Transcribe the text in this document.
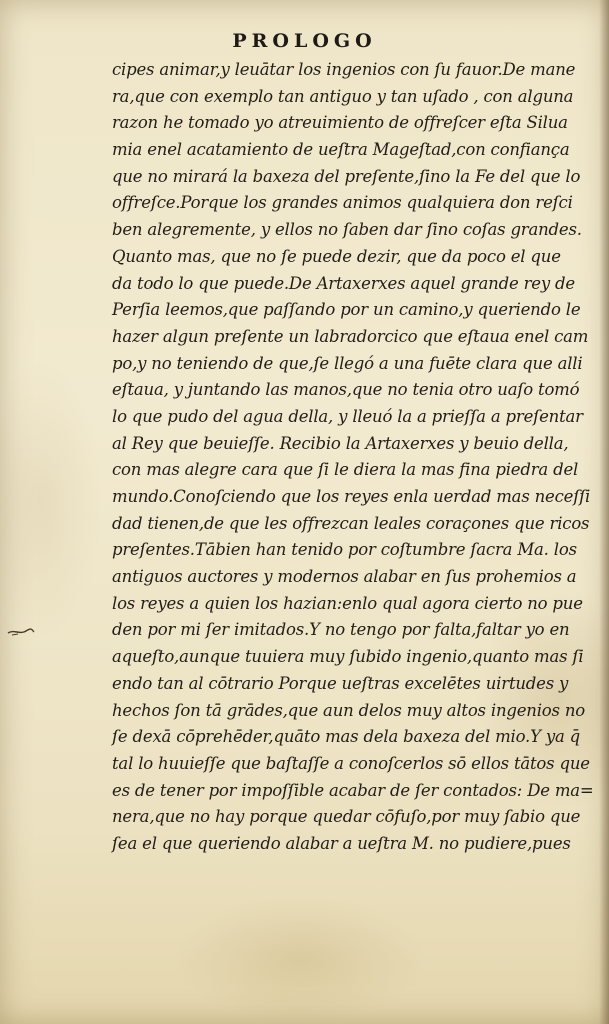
PROLOGO
cipes animar,y leuātar los ingenios con ſu fauor.De mane
ra,que con exemplo tan antiguo y tan uſado , con alguna
razon he tomado yo atreuimiento de offreſcer eſta Silua
mia enel acatamiento de ueſtra Mageſtad,con confiança
que no mirará la baxeza del preſente,ſino la Fe del que lo
offreſce.Porque los grandes animos qualquiera don reſci
ben alegremente, y ellos no ſaben dar ſino coſas grandes.
Quanto mas, que no ſe puede dezir, que da poco el que
da todo lo que puede.De Artaxerxes aquel grande rey de
Perſia leemos,que paſſando por un camino,y queriendo le
hazer algun preſente un labradorcico que eſtaua enel cam
po,y no teniendo de que,ſe llegó a una fuēte clara que alli
eſtaua, y juntando las manos,que no tenia otro uaſo tomó
lo que pudo del agua della, y lleuó la a prieſſa a preſentar
al Rey que beuieſſe. Recibio la Artaxerxes y beuio della,
con mas alegre cara que ſi le diera la mas fina piedra del
mundo.Conoſciendo que los reyes enla uerdad mas neceſſi
dad tienen,de que les offrezcan leales coraçones que ricos
preſentes.Tābien han tenido por coſtumbre ſacra Ma. los
antiguos auctores y modernos alabar en ſus prohemios a
los reyes a quien los hazian:enlo qual agora cierto no pue
den por mi ſer imitados.Y no tengo por falta,faltar yo en
aqueſto,aunque tuuiera muy ſubido ingenio,quanto mas ſi
endo tan al cōtrario Porque ueſtras excelētes uirtudes y
hechos ſon tā grādes,que aun delos muy altos ingenios no
ſe dexā cōprehēder,quāto mas dela baxeza del mio.Y ya q̄
tal lo huuieſſe que baſtaſſe a conoſcerlos sō ellos tātos que
es de tener por impoſſible acabar de ſer contados: De ma=
nera,que no hay porque quedar cōfuſo,por muy ſabio que
ſea el que queriendo alabar a ueſtra M. no pudiere,pues
